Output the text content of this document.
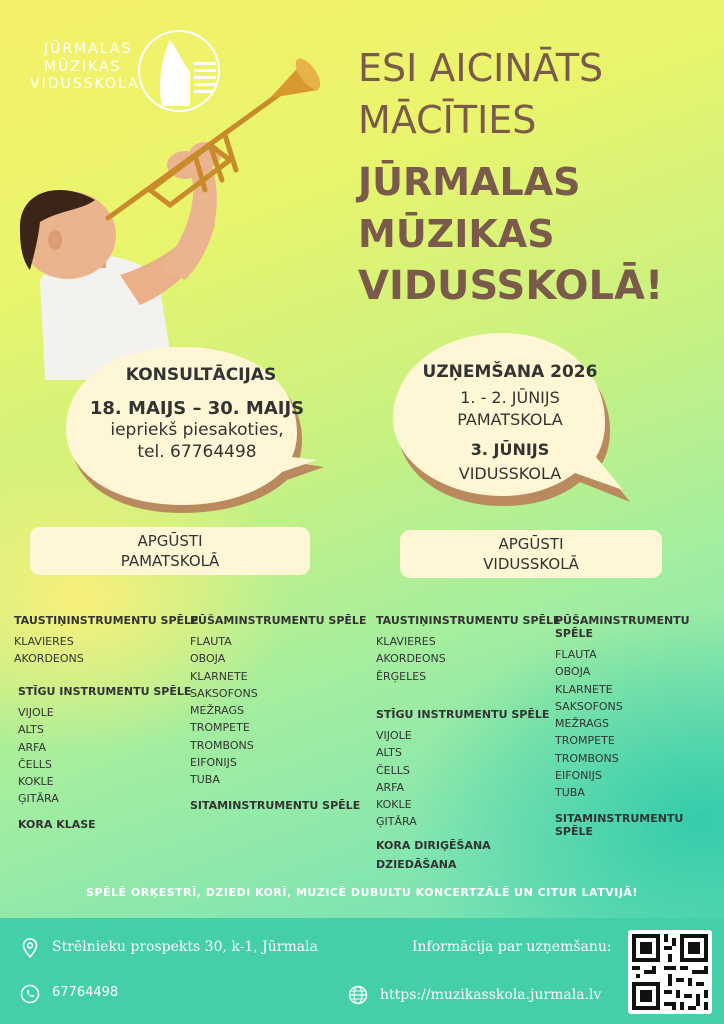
JŪRMALAS
MŪZIKAS
VIDUSSKOLA	ESI AICINĀTS
MĀCĪTIES
JŪRMALAS
MŪZIKAS
VIDUSSKOLĀ!
KONSULTĀCIJAS
18. MAIJS – 30. MAIJS
iepriekš piesakoties,
tel. 67764498
UZŅEMŠANA 2026
1. - 2. JŪNIJS
PAMATSKOLA
3. JŪNIJS
VIDUSSKOLA
APGŪSTI
PAMATSKOLĀ
APGŪSTI
VIDUSSKOLĀ
TAUSTIŅINSTRUMENTU SPĒLE
KLAVIERES
AKORDEONS
STĪGU INSTRUMENTU SPĒLE
VIJOLE
ALTS
ARFA
ČELLS
KOKLE
ĢITĀRA
KORA KLASE
PŪŠAMINSTRUMENTU SPĒLE
FLAUTA
OBOJA
KLARNETE
SAKSOFONS
MEŽRAGS
TROMPETE
TROMBONS
EIFONIJS
TUBA
SITAMINSTRUMENTU SPĒLE
TAUSTIŅINSTRUMENTU SPĒLE
KLAVIERES
AKORDEONS
ĒRĢELES
STĪGU INSTRUMENTU SPĒLE
VIJOLE
ALTS
ČELLS
ARFA
KOKLE
ĢITĀRA
KORA DIRIĢĒŠANA
DZIEDĀŠANA
PŪŠAMINSTRUMENTU SPĒLE
FLAUTA
OBOJA
KLARNETE
SAKSOFONS
MEŽRAGS
TROMPETE
TROMBONS
EIFONIJS
TUBA
SITAMINSTRUMENTU SPĒLE
SPĒLĒ ORĶESTRĪ, DZIEDI KORĪ, MUZICĒ DUBULTU KONCERTZĀLĒ UN CITUR LATVIJĀ!
Strēlnieku prospekts 30, k-1, Jūrmala
67764498
Informācija par uzņemšanu:
https://muzikasskola.jurmala.lv
